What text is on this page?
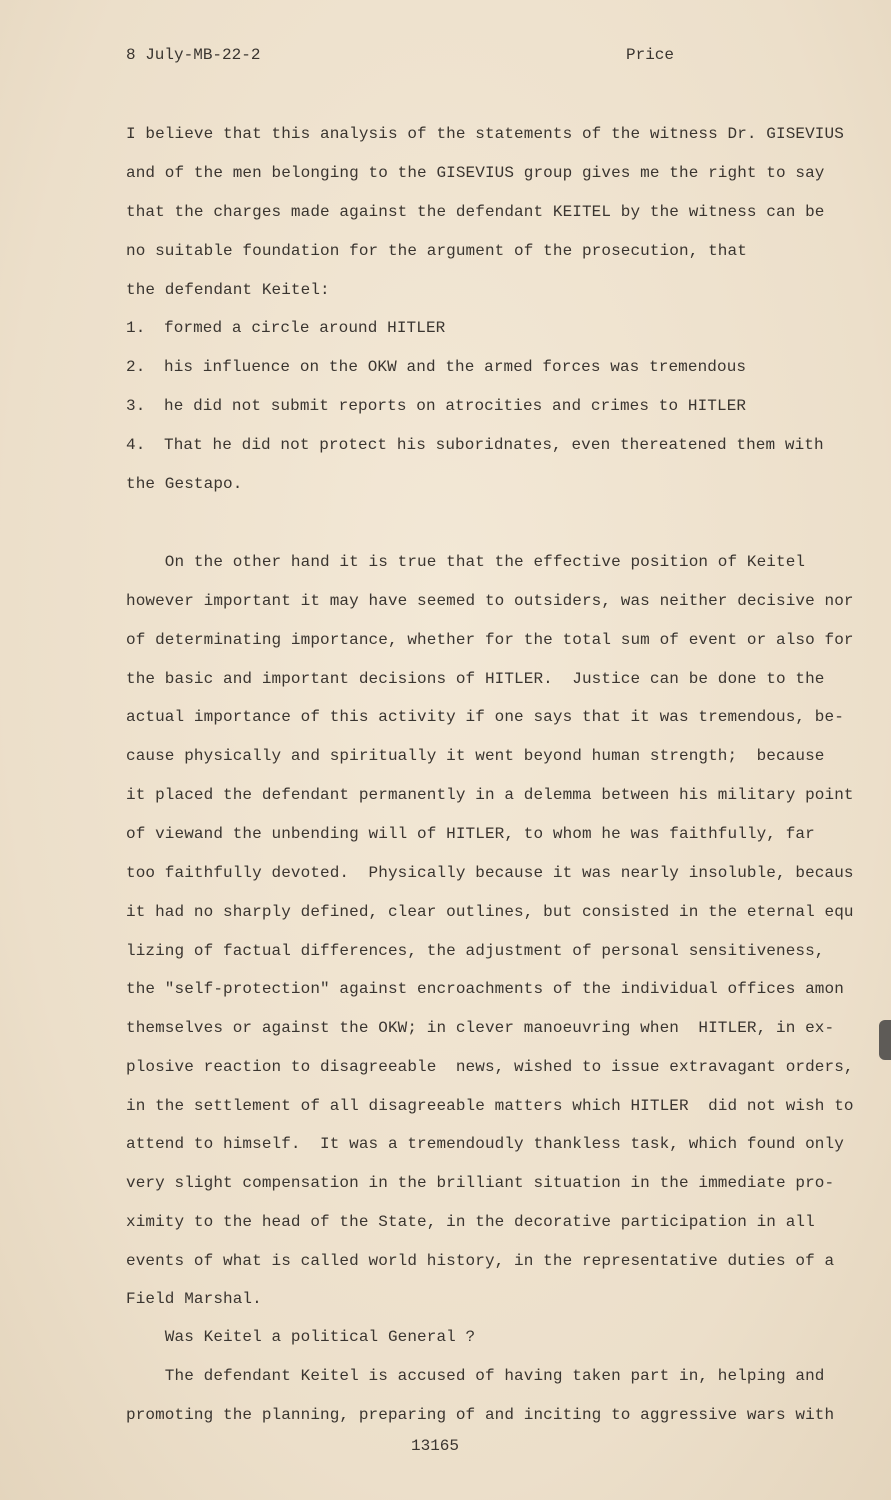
8 July-MB-22-2	Price
I believe that this analysis of the statements of the witness Dr. GISEVIUS
and of the men belonging to the GISEVIUS group gives me the right to say
that the charges made against the defendant KEITEL by the witness can be
no suitable foundation for the argument of the prosecution, that
the defendant Keitel:
1. formed a circle around HITLER
2. his influence on the OKW and the armed forces was tremendous
3. he did not submit reports on atrocities and crimes to HITLER
4. That he did not protect his suboridnates, even thereatened them with
the Gestapo.
On the other hand it is true that the effective position of Keitel
however important it may have seemed to outsiders, was neither decisive nor
of determinating importance, whether for the total sum of event or also for
the basic and important decisions of HITLER.  Justice can be done to the
actual importance of this activity if one says that it was tremendous, be-
cause physically and spiritually it went beyond human strength;  because
it placed the defendant permanently in a delemma between his military point
of viewand the unbending will of HITLER, to whom he was faithfully, far
too faithfully devoted.  Physically because it was nearly insoluble, becaus
it had no sharply defined, clear outlines, but consisted in the eternal equ
lizing of factual differences, the adjustment of personal sensitiveness,
the "self-protection" against encroachments of the individual offices amon
themselves or against the OKW; in clever manoeuvring when  HITLER, in ex-
plosive reaction to disagreeable  news, wished to issue extravagant orders,
in the settlement of all disagreeable matters which HITLER  did not wish to
attend to himself.  It was a tremendoudly thankless task, which found only
very slight compensation in the brilliant situation in the immediate pro-
ximity to the head of the State, in the decorative participation in all
events of what is called world history, in the representative duties of a
Field Marshal.
Was Keitel a political General ?
The defendant Keitel is accused of having taken part in, helping and
promoting the planning, preparing of and inciting to aggressive wars with
13165
